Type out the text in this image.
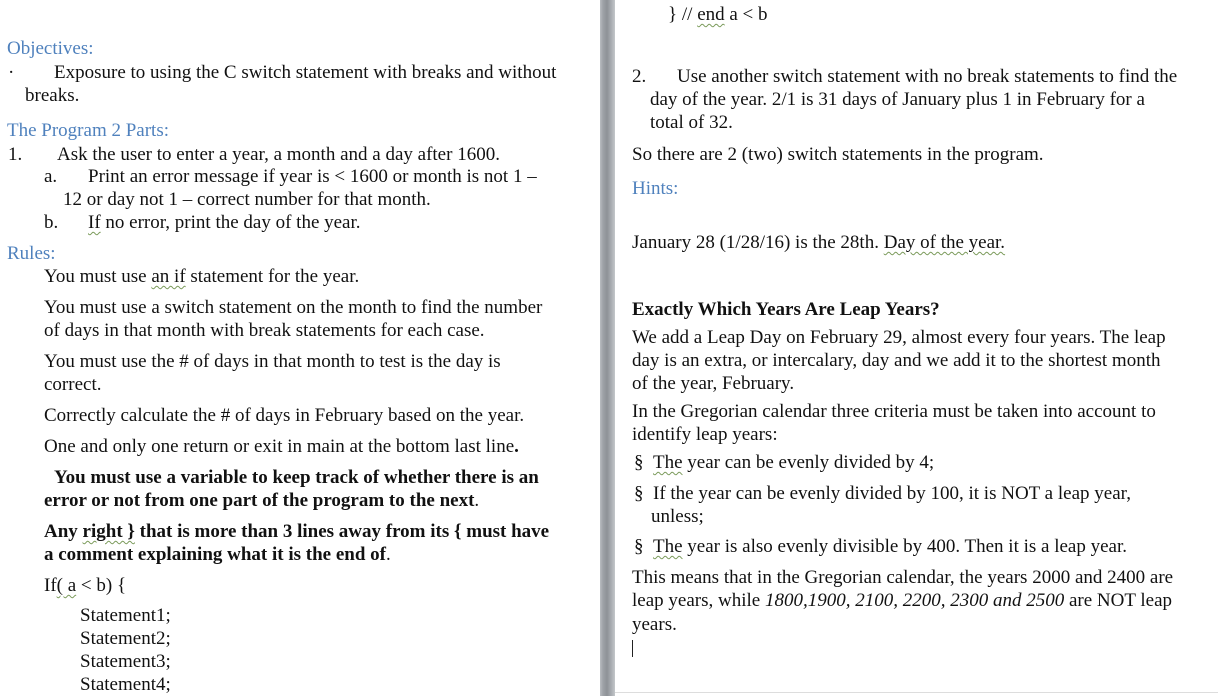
Objectives:
· Exposure to using the C switch statement with breaks and without
breaks.
The Program 2 Parts:
1. Ask the user to enter a year, a month and a day after 1600.
a. Print an error message if year is < 1600 or month is not 1 –
12 or day not 1 – correct number for that month.
b. If no error, print the day of the year.
Rules:
You must use an if statement for the year.
You must use a switch statement on the month to find the number
of days in that month with break statements for each case.
You must use the # of days in that month to test is the day is
correct.
Correctly calculate the # of days in February based on the year.
One and only one return or exit in main at the bottom last line.
You must use a variable to keep track of whether there is an
error or not from one part of the program to the next.
Any right } that is more than 3 lines away from its { must have
a comment explaining what it is the end of.
If( a < b) {
Statement1;
Statement2;
Statement3;
Statement4;
} // end a < b
2. Use another switch statement with no break statements to find the
day of the year. 2/1 is 31 days of January plus 1 in February for a
total of 32.
So there are 2 (two) switch statements in the program.
Hints:
January 28 (1/28/16) is the 28th. Day of the year.
Exactly Which Years Are Leap Years?
We add a Leap Day on February 29, almost every four years. The leap
day is an extra, or intercalary, day and we add it to the shortest month
of the year, February.
In the Gregorian calendar three criteria must be taken into account to
identify leap years:
§ The year can be evenly divided by 4;
§ If the year can be evenly divided by 100, it is NOT a leap year,
unless;
§ The year is also evenly divisible by 400. Then it is a leap year.
This means that in the Gregorian calendar, the years 2000 and 2400 are
leap years, while 1800,1900, 2100, 2200, 2300 and 2500 are NOT leap
years.
